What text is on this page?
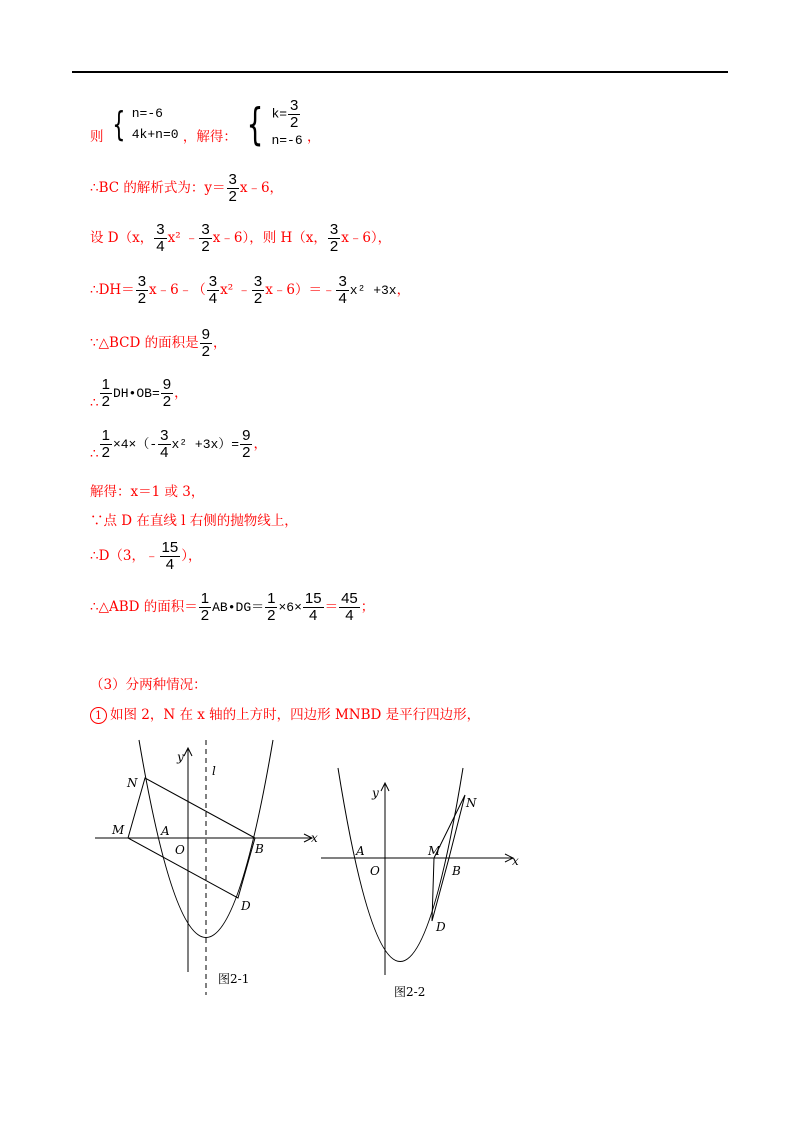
则 { n=-6
4k+n=0 ，解得： { $k= \frac{3}{2}$
n=-6 ，
∴BC 的解析式为：$y= \frac{3}{2}$ x﹣6，
设 D（x， $\frac{3}{4} x^2$ ﹣ $\frac{3}{2}$ x﹣6），则 H（x， $\frac{3}{2}$ x﹣6），
∴DH＝ $\frac{3}{2}$ x﹣6﹣（ $\frac{3}{4} x^2$ ﹣ $\frac{3}{2}$ x﹣6）＝﹣ $\frac{3}{4} x^2 +3x$，
∵△BCD 的面积是 $\frac{9}{2}$ ，
∴ $\frac{1}{2}$ DH•OB= $\frac{9}{2}$ ，
∴ $\frac{1}{2} \times 4\times(- \frac{3}{4} x^2 +3x)= \frac{9}{2}$ ，
解得：x＝1 或 3，
∵点 D 在直线 l 右侧的抛物线上，
∴D（3，﹣ $\frac{15}{4}$ ），
∴△ABD 的面积＝ $\frac{1}{2}$ AB•DG＝ $\frac{1}{2} \times 6\times \frac{15}{4} = \frac{45}{4}$ ；
（3）分两种情况：
1 如图 2，N 在 x 轴的上方时，四边形 MNBD 是平行四边形，
N
M	A
O	B
D
x
y
l
图2-1
N
M
A
O	B
D
x
y
图2-2
